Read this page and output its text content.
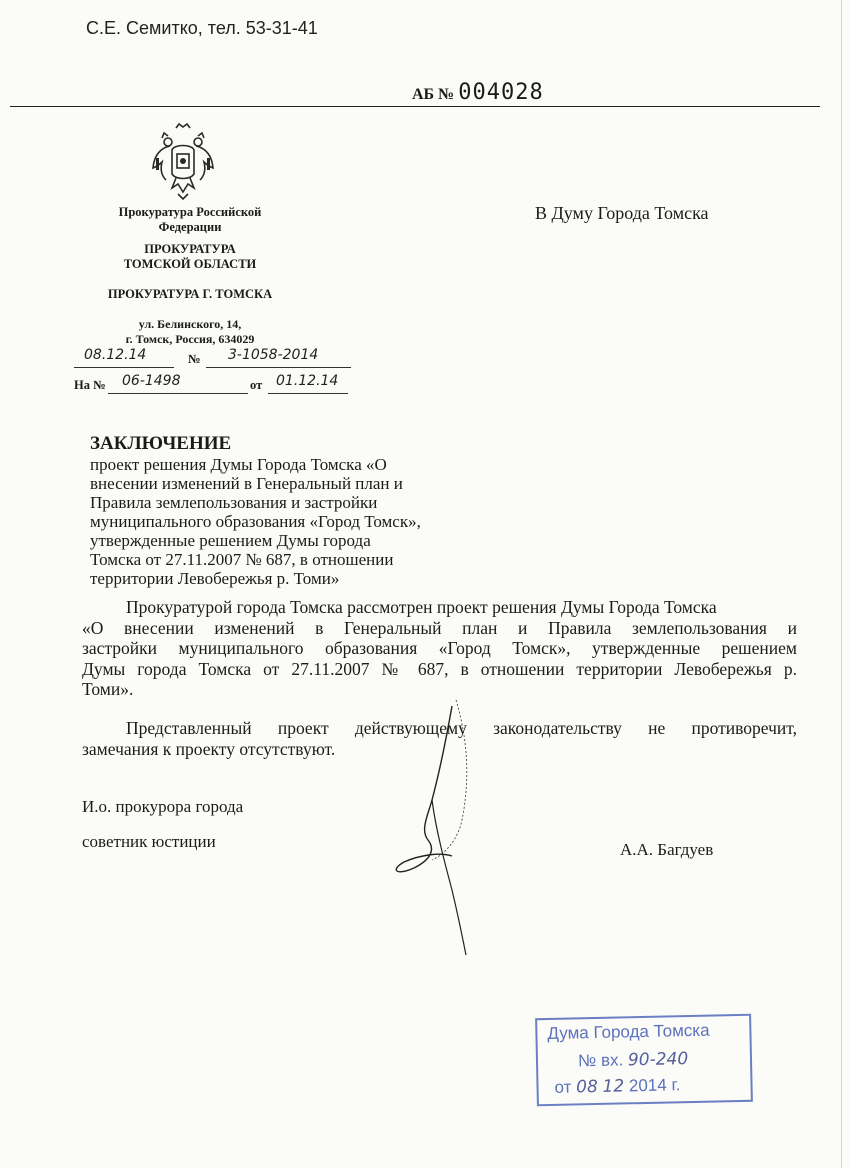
С.Е. Семитко, тел. 53-31-41
АБ № 004028
Прокуратура Российской
Федерации
ПРОКУРАТУРА
ТОМСКОЙ ОБЛАСТИ
ПРОКУРАТУРА Г. ТОМСКА
ул. Белинского, 14,
г. Томск, Россия, 634029
08.12.14	№ 3-1058-2014
На № 06-1498	от 01.12.14
В Думу Города Томска
ЗАКЛЮЧЕНИЕ
проект решения Думы Города Томска «О
внесении изменений в Генеральный план и
Правила землепользования и застройки
муниципального образования «Город Томск»,
утвержденные решением Думы города
Томска от 27.11.2007 № 687, в отношении
территории Левобережья р. Томи»
Прокуратурой города Томска рассмотрен проект решения Думы Города Томска
«О внесении изменений в Генеральный план и Правила землепользования и
застройки муниципального образования «Город Томск», утвержденные решением
Думы города Томска от 27.11.2007 № 687, в отношении территории Левобережья р.
Томи».
Представленный проект действующему законодательству не противоречит,
замечания к проекту отсутствуют.
И.о. прокурора города
советник юстиции	А.А. Багдуев
Дума Города Томска
№ вх. 90-240
от 08 12 2014 г.
